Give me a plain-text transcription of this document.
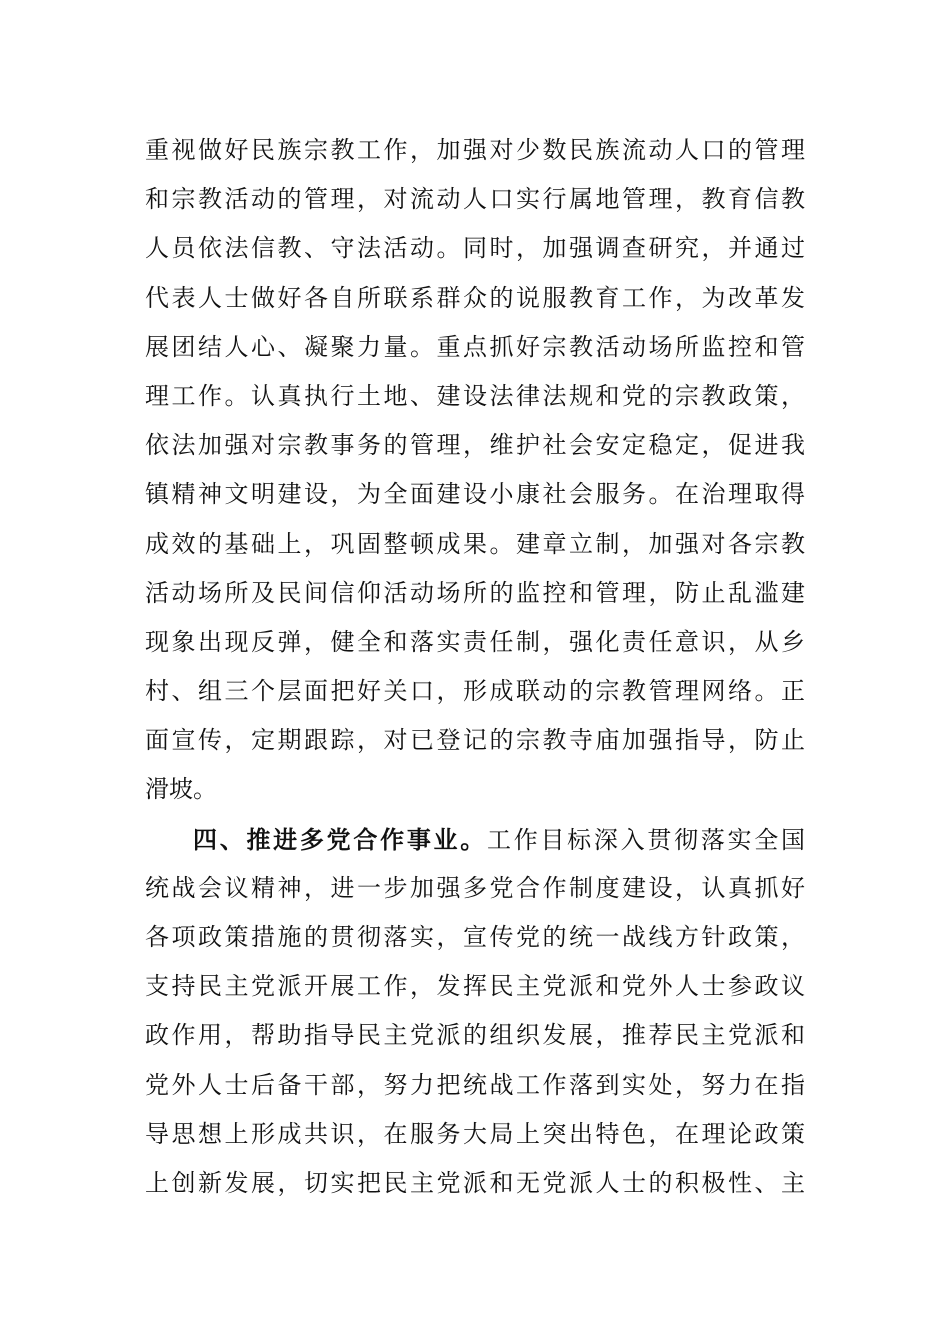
重视做好民族宗教工作，加强对少数民族流动人口的管理
和宗教活动的管理，对流动人口实行属地管理，教育信教
人员依法信教、守法活动。同时，加强调查研究，并通过
代表人士做好各自所联系群众的说服教育工作，为改革发
展团结人心、凝聚力量。重点抓好宗教活动场所监控和管
理工作。认真执行土地、建设法律法规和党的宗教政策，
依法加强对宗教事务的管理，维护社会安定稳定，促进我
镇精神文明建设，为全面建设小康社会服务。在治理取得
成效的基础上，巩固整顿成果。建章立制，加强对各宗教
活动场所及民间信仰活动场所的监控和管理，防止乱滥建
现象出现反弹，健全和落实责任制，强化责任意识，从乡
村、组三个层面把好关口，形成联动的宗教管理网络。正
面宣传，定期跟踪，对已登记的宗教寺庙加强指导，防止
滑坡。
四、推进多党合作事业。工作目标深入贯彻落实全国
统战会议精神，进一步加强多党合作制度建设，认真抓好
各项政策措施的贯彻落实，宣传党的统一战线方针政策，
支持民主党派开展工作，发挥民主党派和党外人士参政议
政作用，帮助指导民主党派的组织发展，推荐民主党派和
党外人士后备干部，努力把统战工作落到实处，努力在指
导思想上形成共识，在服务大局上突出特色，在理论政策
上创新发展，切实把民主党派和无党派人士的积极性、主
